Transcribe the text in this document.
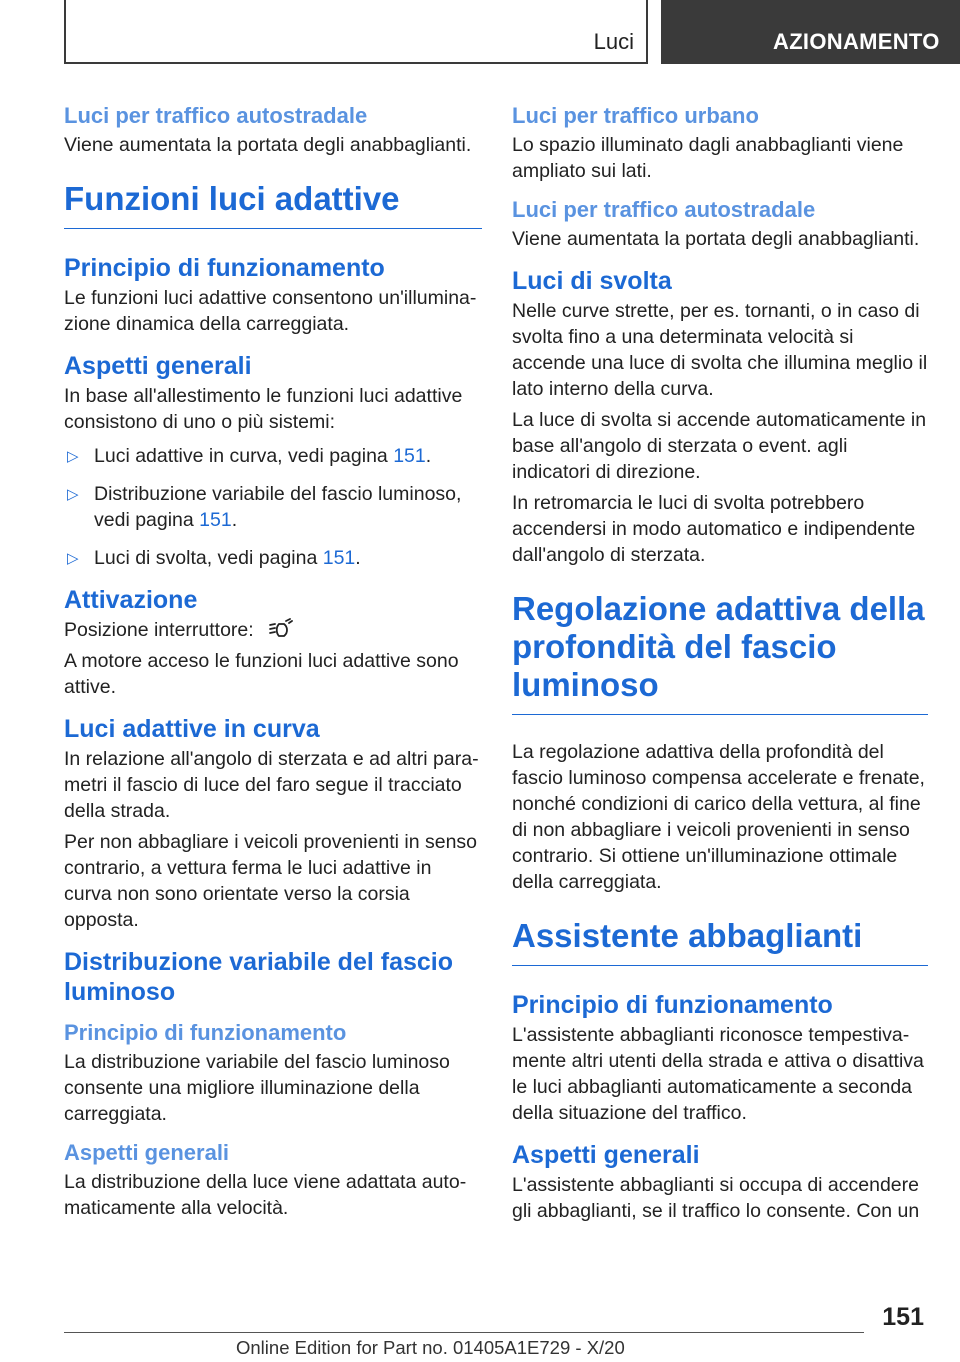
Luci	AZIONAMENTO
Luci per traffico autostradale

Viene aumentata la portata degli anabbaglianti.

Funzioni luci adattive
Principio di funzionamento

Le funzioni luci adattive consentono un'illuminazione dinamica della carreggiata.

Aspetti generali

In base all'allestimento le funzioni luci adattive consistono di uno o più sistemi:

▷ Luci adattive in curva, vedi pagina 151.
▷ Distribuzione variabile del fascio luminoso, vedi pagina 151.
▷ Luci di svolta, vedi pagina 151.
Attivazione

Posizione interruttore:

A motore acceso le funzioni luci adattive sono attive.

Luci adattive in curva

In relazione all'angolo di sterzata e ad altri parametri il fascio di luce del faro segue il tracciato della strada.

Per non abbagliare i veicoli provenienti in senso contrario, a vettura ferma le luci adattive in curva non sono orientate verso la corsia opposta.

Distribuzione variabile del fascio luminoso
Principio di funzionamento

La distribuzione variabile del fascio luminoso consente una migliore illuminazione della carreggiata.

Aspetti generali

La distribuzione della luce viene adattata automaticamente alla velocità.

Luci per traffico urbano

Lo spazio illuminato dagli anabbaglianti viene ampliato sui lati.

Luci per traffico autostradale

Viene aumentata la portata degli anabbaglianti.

Luci di svolta

Nelle curve strette, per es. tornanti, o in caso di svolta fino a una determinata velocità si accende una luce di svolta che illumina meglio il lato interno della curva.

La luce di svolta si accende automaticamente in base all'angolo di sterzata o event. agli indicatori di direzione.

In retromarcia le luci di svolta potrebbero accendersi in modo automatico e indipendente dall'angolo di sterzata.

Regolazione adattiva della profondità del fascio luminoso

La regolazione adattiva della profondità del fascio luminoso compensa accelerate e frenate, nonché condizioni di carico della vettura, al fine di non abbagliare i veicoli provenienti in senso contrario. Si ottiene un'illuminazione ottimale della carreggiata.

Assistente abbaglianti
Principio di funzionamento

L'assistente abbaglianti riconosce tempestivamente altri utenti della strada e attiva o disattiva le luci abbaglianti automaticamente a seconda della situazione del traffico.

Aspetti generali

L'assistente abbaglianti si occupa di accendere gli abbaglianti, se il traffico lo consente. Con un

151
Online Edition for Part no. 01405A1E729 - X/20
